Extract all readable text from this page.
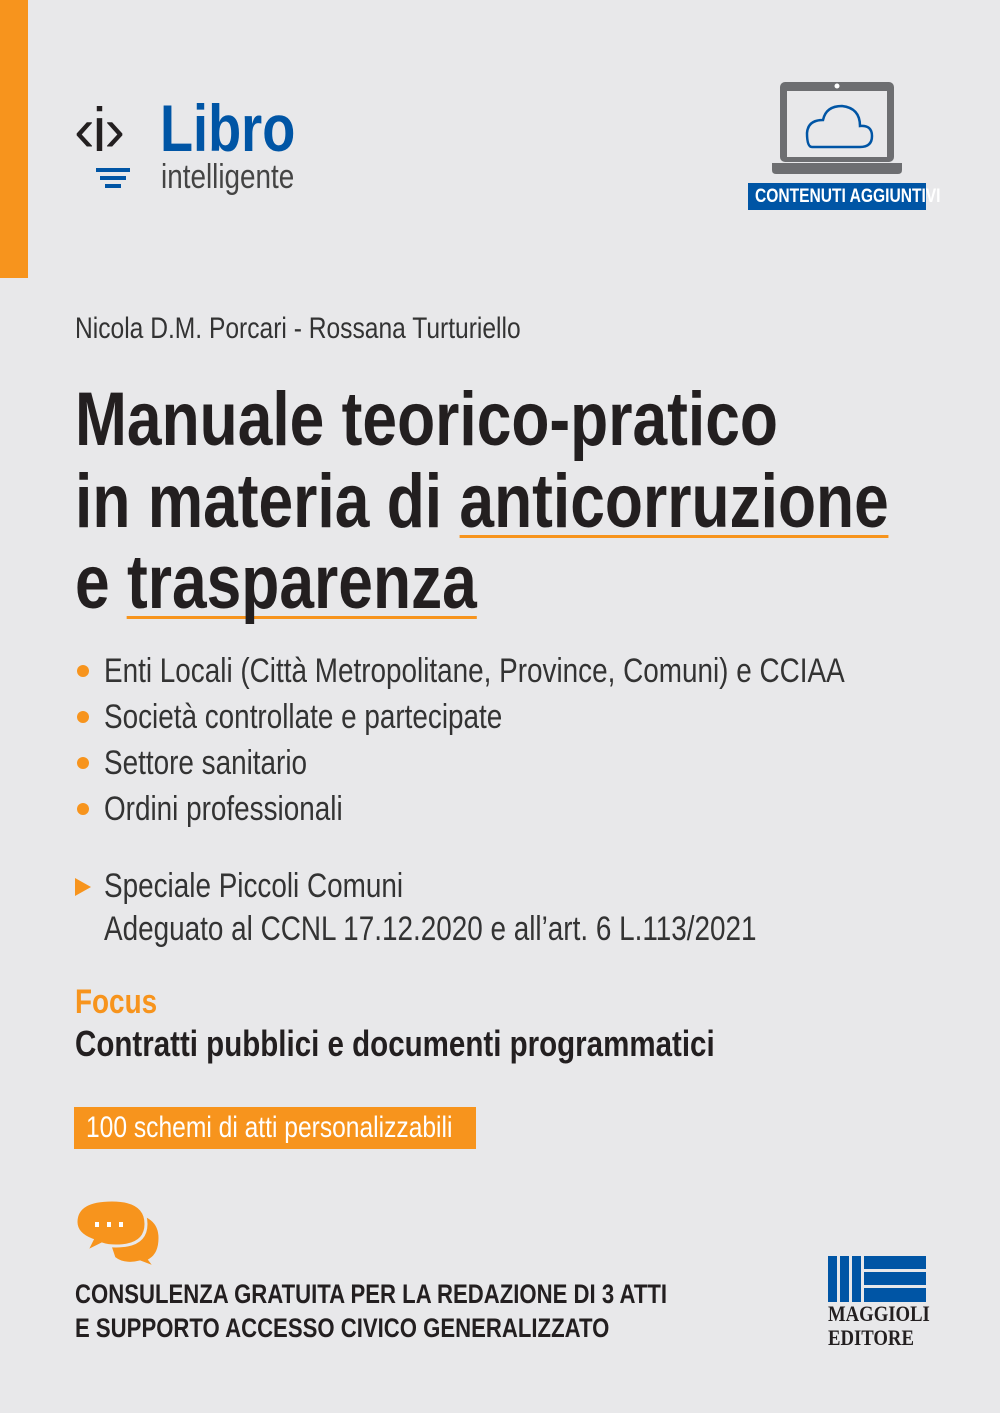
‹i› Libro
intelligente
CONTENUTI AGGIUNTIVI
Nicola D.M. Porcari - Rossana Turturiello
Manuale teorico-pratico
in materia di anticorruzione
e trasparenza
Enti Locali (Città Metropolitane, Province, Comuni) e CCIAA
Società controllate e partecipate
Settore sanitario
Ordini professionali
Speciale Piccoli Comuni
Adeguato al CCNL 17.12.2020 e all’art. 6 L.113/2021
Focus
Contratti pubblici e documenti programmatici
100 schemi di atti personalizzabili
CONSULENZA GRATUITA PER LA REDAZIONE DI 3 ATTI
E SUPPORTO ACCESSO CIVICO GENERALIZZATO	MAGGIOLI
EDITORE
